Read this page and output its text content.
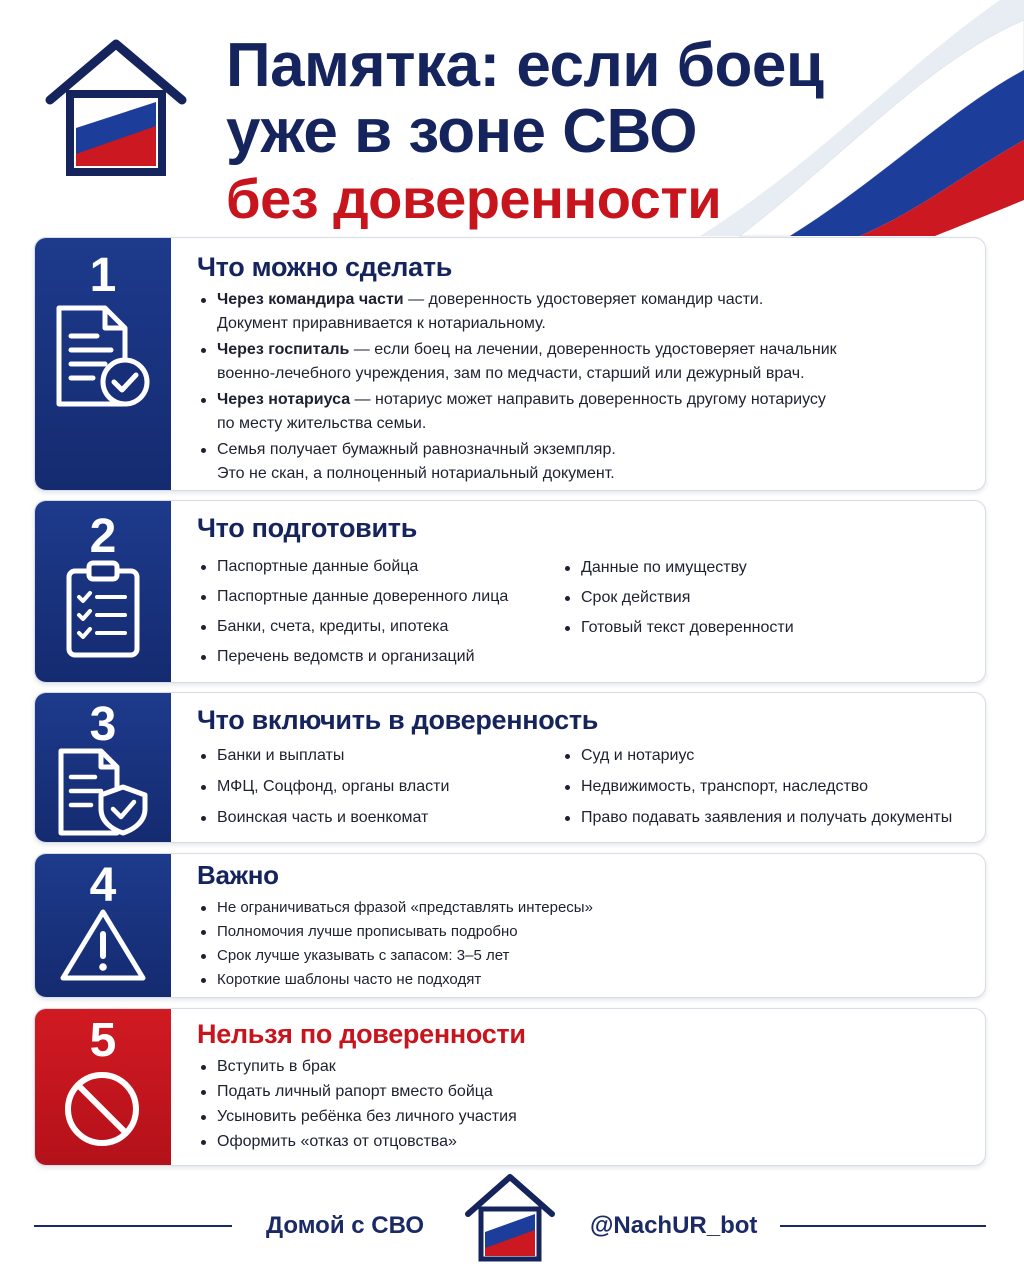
Памятка: если боец
уже в зоне СВО
без доверенности
1	Что можно сделать
Через командира части — доверенность удостоверяет командир части.
Документ приравнивается к нотариальному.
Через госпиталь — если боец на лечении, доверенность удостоверяет начальник
военно-лечебного учреждения, зам по медчасти, старший или дежурный врач.
Через нотариуса — нотариус может направить доверенность другому нотариусу
по месту жительства семьи.
Семья получает бумажный равнозначный экземпляр.
Это не скан, а полноценный нотариальный документ.
2	Что подготовить
Паспортные данные бойца
Паспортные данные доверенного лица
Банки, счета, кредиты, ипотека
Перечень ведомств и организаций
Данные по имуществу
Срок действия
Готовый текст доверенности
3	Что включить в доверенность
Банки и выплаты
МФЦ, Соцфонд, органы власти
Воинская часть и военкомат
Суд и нотариус
Недвижимость, транспорт, наследство
Право подавать заявления и получать документы
4	Важно
Не ограничиваться фразой «представлять интересы»
Полномочия лучше прописывать подробно
Срок лучше указывать с запасом: 3–5 лет
Короткие шаблоны часто не подходят
5	Нельзя по доверенности
Вступить в брак
Подать личный рапорт вместо бойца
Усыновить ребёнка без личного участия
Оформить «отказ от отцовства»
Домой с СВО	@NachUR_bot
